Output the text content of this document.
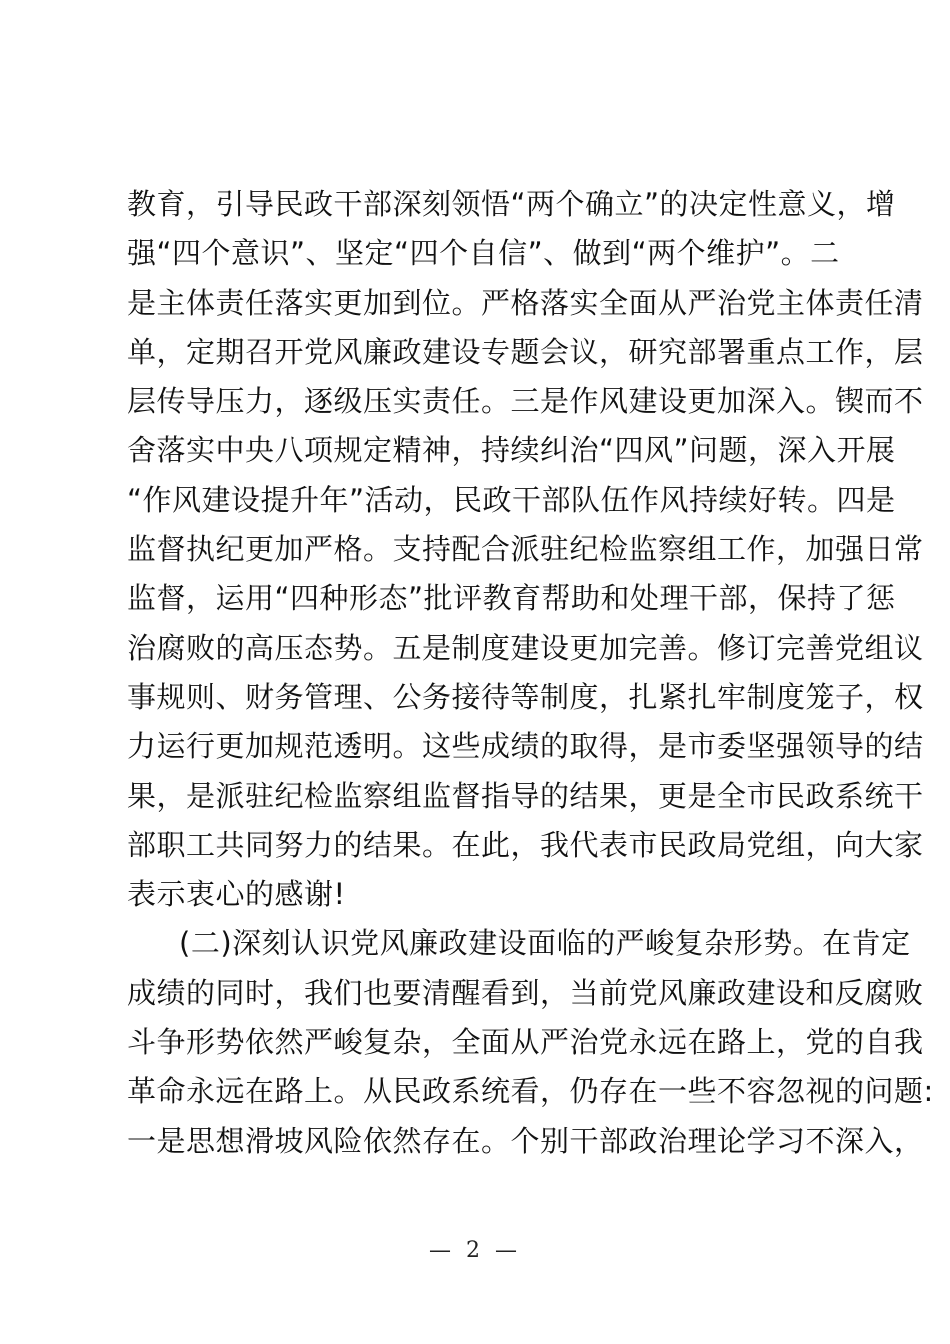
教育，引导民政干部深刻领悟“两个确立”的决定性意义，增
强“四个意识”、坚定“四个自信”、做到“两个维护”。二
是主体责任落实更加到位。严格落实全面从严治党主体责任清
单，定期召开党风廉政建设专题会议，研究部署重点工作，层
层传导压力，逐级压实责任。三是作风建设更加深入。锲而不
舍落实中央八项规定精神，持续纠治“四风”问题，深入开展
“作风建设提升年”活动，民政干部队伍作风持续好转。四是
监督执纪更加严格。支持配合派驻纪检监察组工作，加强日常
监督，运用“四种形态”批评教育帮助和处理干部，保持了惩
治腐败的高压态势。五是制度建设更加完善。修订完善党组议
事规则、财务管理、公务接待等制度，扎紧扎牢制度笼子，权
力运行更加规范透明。这些成绩的取得，是市委坚强领导的结
果，是派驻纪检监察组监督指导的结果，更是全市民政系统干
部职工共同努力的结果。在此，我代表市民政局党组，向大家
表示衷心的感谢!
(二)深刻认识党风廉政建设面临的严峻复杂形势。在肯定
成绩的同时，我们也要清醒看到，当前党风廉政建设和反腐败
斗争形势依然严峻复杂，全面从严治党永远在路上，党的自我
革命永远在路上。从民政系统看，仍存在一些不容忽视的问题:
一是思想滑坡风险依然存在。个别干部政治理论学习不深入，
— 2 —
